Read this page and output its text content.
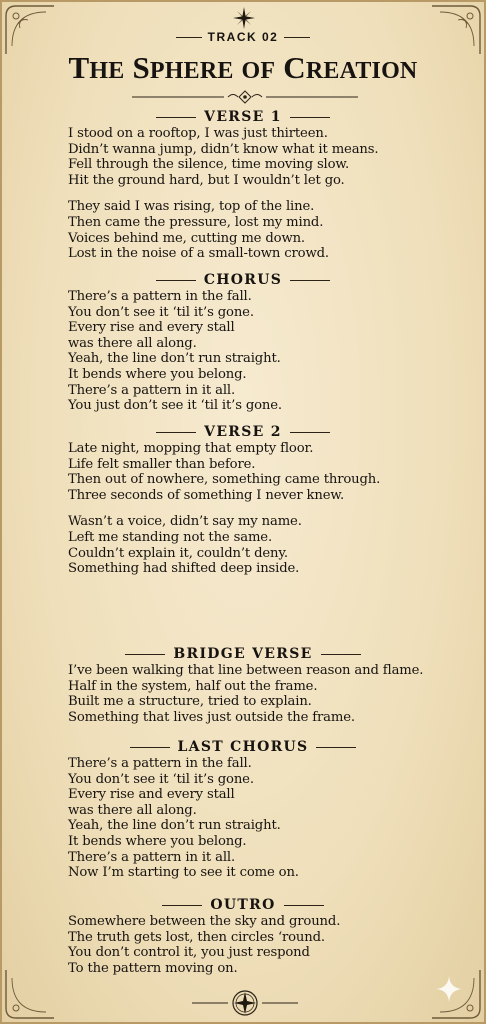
TRACK 02
THE SPHERE OF CREATION
VERSE 1
I stood on a rooftop, I was just thirteen.
Didn’t wanna jump, didn’t know what it means.
Fell through the silence, time moving slow.
Hit the ground hard, but I wouldn’t let go.
They said I was rising, top of the line.
Then came the pressure, lost my mind.
Voices behind me, cutting me down.
Lost in the noise of a small-town crowd.
CHORUS
There’s a pattern in the fall.
You don’t see it ‘til it’s gone.
Every rise and every stall
was there all along.
Yeah, the line don’t run straight.
It bends where you belong.
There’s a pattern in it all.
You just don’t see it ‘til it’s gone.
VERSE 2
Late night, mopping that empty floor.
Life felt smaller than before.
Then out of nowhere, something came through.
Three seconds of something I never knew.
Wasn’t a voice, didn’t say my name.
Left me standing not the same.
Couldn’t explain it, couldn’t deny.
Something had shifted deep inside.
BRIDGE VERSE
I’ve been walking that line between reason and flame.
Half in the system, half out the frame.
Built me a structure, tried to explain.
Something that lives just outside the frame.
LAST CHORUS
There’s a pattern in the fall.
You don’t see it ‘til it’s gone.
Every rise and every stall
was there all along.
Yeah, the line don’t run straight.
It bends where you belong.
There’s a pattern in it all.
Now I’m starting to see it come on.
OUTRO
Somewhere between the sky and ground.
The truth gets lost, then circles ‘round.
You don’t control it, you just respond
To the pattern moving on.
